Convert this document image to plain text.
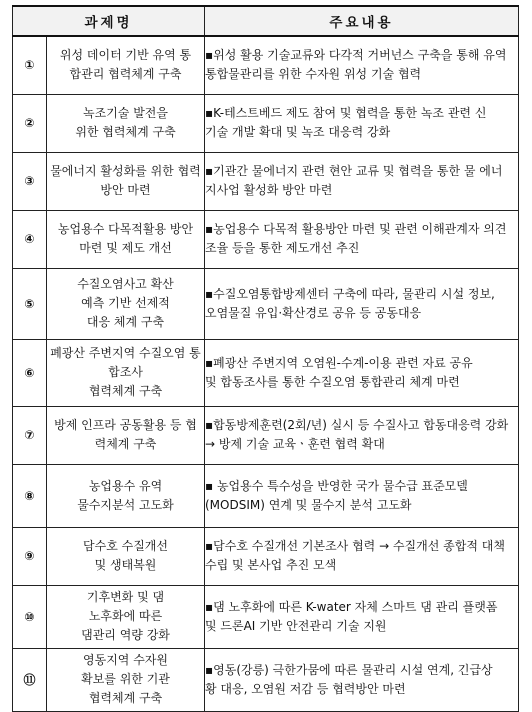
과제명		주요내용
①	위성 데이터 기반 유역 통
합관리 협력체계 구축	▪위성 활용 기술교류와 다각적 거버넌스 구축을 통해 유역
통합물관리를 위한 수자원 위성 기술 협력

②	녹조기술 발전을
위한 협력체계 구축	▪K-테스트베드 제도 참여 및 협력을 통한 녹조 관련 신
기술 개발 확대 및 녹조 대응력 강화

③	물에너지 활성화를 위한 협력
방안 마련	▪기관간 물에너지 관련 현안 교류 및 협력을 통한 물 에너
지사업 활성화 방안 마련

④	농업용수 다목적활용 방안
마련 및 제도 개선	▪농업용수 다목적 활용방안 마련 및 관련 이해관계자 의견
조율 등을 통한 제도개선 추진

⑤	수질오염사고 확산
예측 기반 선제적
대응 체계 구축	▪수질오염통합방제센터 구축에 따라, 물관리 시설 정보,
오염물질 유입·확산경로 공유 등 공동대응

⑥	폐광산 주변지역 수질오염 통
합조사
협력체계 구축	▪폐광산 주변지역 오염원-수계-이용 관련 자료 공유
및 합동조사를 통한 수질오염 통합관리 체계 마련

⑦	방제 인프라 공동활용 등 협
력체계 구축	▪합동방제훈련(2회/년) 실시 등 수질사고 합동대응력 강화
→ 방제 기술 교육ㆍ훈련 협력 확대

⑧	농업용수 유역
물수지분석 고도화	▪ 농업용수 특수성을 반영한 국가 물수급 표준모델
(MODSIM) 연계 및 물수지 분석 고도화

⑨	담수호 수질개선
및 생태복원	▪담수호 수질개선 기본조사 협력 → 수질개선 종합적 대책
수립 및 본사업 추진 모색

⑩	기후변화 및 댐
노후화에 따른
댐관리 역량 강화	▪댐 노후화에 따른 K-water 자체 스마트 댐 관리 플랫폼
및 드론AI 기반 안전관리 기술 지원

⑪	영동지역 수자원
확보를 위한 기관
협력체계 구축	▪영동(강릉) 극한가뭄에 따른 물관리 시설 연계, 긴급상
황 대응, 오염원 저감 등 협력방안 마련
